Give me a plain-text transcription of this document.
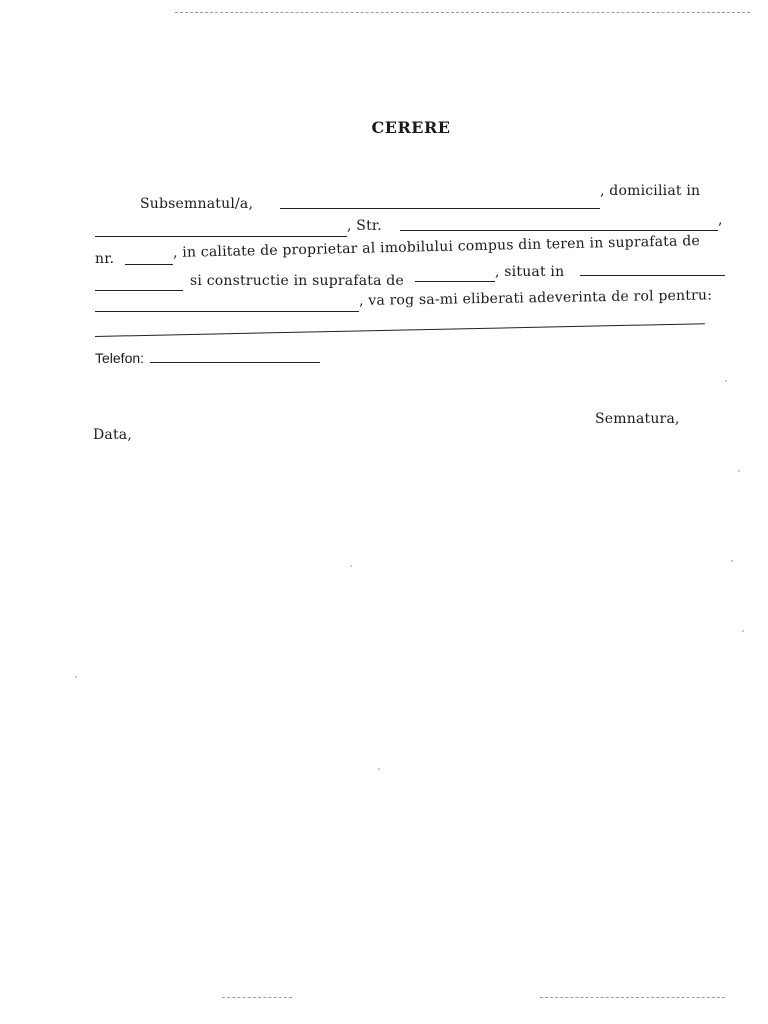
CERERE
Subsemnatul/a,
, domiciliat in
, Str.	,
nr.	, in calitate de proprietar al imobilului compus din teren in suprafata de
si constructie in suprafata de
, situat in
, va rog sa-mi eliberati adeverinta de rol pentru:
Telefon:
Semnatura,
Data,
